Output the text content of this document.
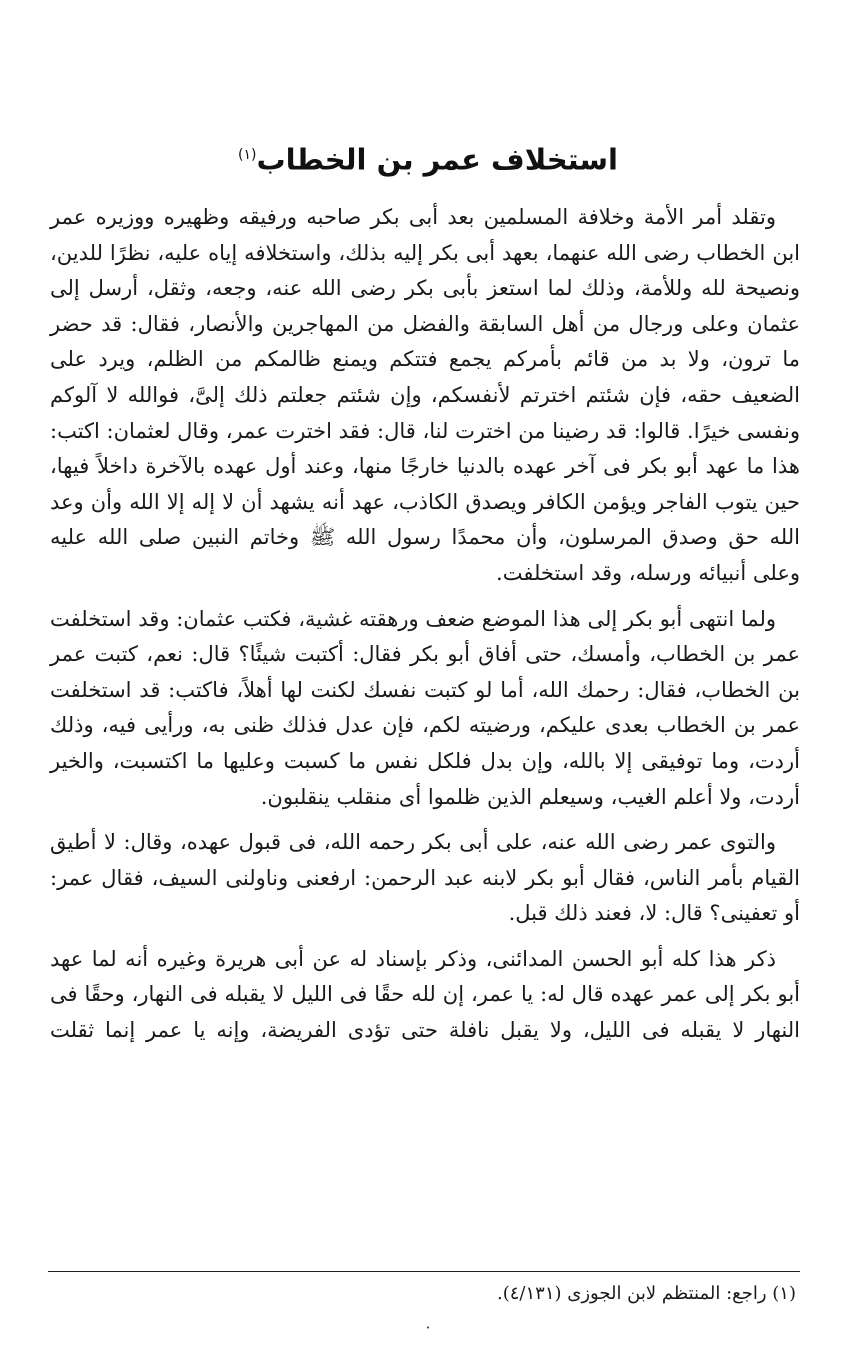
استخلاف عمر بن الخطاب$^{(١)}$

وتقلد أمر الأمة وخلافة المسلمين بعد أبى بكر صاحبه ورفيقه وظهيره ووزيره عمر ابن الخطاب رضى الله عنهما، بعهد أبى بكر إليه بذلك، واستخلافه إياه عليه، نظرًا للدين، ونصيحة لله وللأمة، وذلك لما استعز بأبى بكر رضى الله عنه، وجعه، وثقل، أرسل إلى عثمان وعلى ورجال من أهل السابقة والفضل من المهاجرين والأنصار، فقال: قد حضر ما ترون، ولا بد من قائم بأمركم يجمع فتتكم ويمنع ظالمكم من الظلم، ويرد على الضعيف حقه، فإن شئتم اخترتم لأنفسكم، وإن شئتم جعلتم ذلك إلىَّ، فوالله لا آلوكم ونفسى خيرًا. قالوا: قد رضينا من اخترت لنا، قال: فقد اخترت عمر، وقال لعثمان: اكتب: هذا ما عهد أبو بكر فى آخر عهده بالدنيا خارجًا منها، وعند أول عهده بالآخرة داخلاً فيها، حين يتوب الفاجر ويؤمن الكافر ويصدق الكاذب، عهد أنه يشهد أن لا إله إلا الله وأن وعد الله حق وصدق المرسلون، وأن محمدًا رسول الله ﷺ وخاتم النبين صلى الله عليه وعلى أنبيائه ورسله، وقد استخلفت.

ولما انتهى أبو بكر إلى هذا الموضع ضعف ورهقته غشية، فكتب عثمان: وقد استخلفت عمر بن الخطاب، وأمسك، حتى أفاق أبو بكر فقال: أكتبت شيئًا؟ قال: نعم، كتبت عمر بن الخطاب، فقال: رحمك الله، أما لو كتبت نفسك لكنت لها أهلاً، فاكتب: قد استخلفت عمر بن الخطاب بعدى عليكم، ورضيته لكم، فإن عدل فذلك ظنى به، ورأيى فيه، وذلك أردت، وما توفيقى إلا بالله، وإن بدل فلكل نفس ما كسبت وعليها ما اكتسبت، والخير أردت، ولا أعلم الغيب، وسيعلم الذين ظلموا أى منقلب ينقلبون.

والتوى عمر رضى الله عنه، على أبى بكر رحمه الله، فى قبول عهده، وقال: لا أطيق القيام بأمر الناس، فقال أبو بكر لابنه عبد الرحمن: ارفعنى وناولنى السيف، فقال عمر: أو تعفينى؟ قال: لا، فعند ذلك قبل.

ذكر هذا كله أبو الحسن المدائنى، وذكر بإسناد له عن أبى هريرة وغيره أنه لما عهد أبو بكر إلى عمر عهده قال له: يا عمر، إن لله حقًا فى الليل لا يقبله فى النهار، وحقًا فى النهار لا يقبله فى الليل، ولا يقبل نافلة حتى تؤدى الفريضة، وإنه يا عمر إنما ثقلت

(١) راجع: المنتظم لابن الجوزى (٤/١٣١).

·
